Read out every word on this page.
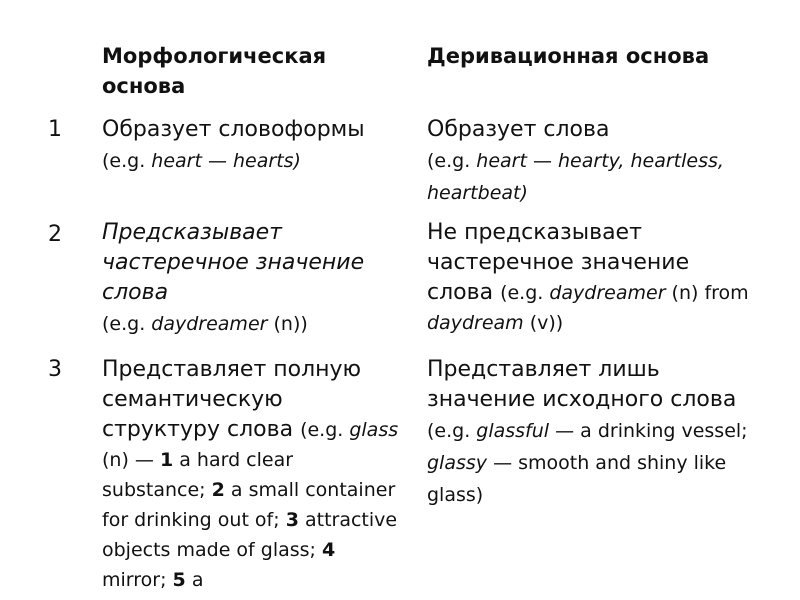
Морфологическая основа
Деривационная основа
1 Образует словоформы
(e.g. heart — hearts)
Образует слова
(e.g. heart — hearty, heartless, heartbeat)
2 Предсказывает частеречное значение слова
(e.g. daydreamer (n))
Не предсказывает частеречное значение слова (e.g. daydreamer (n) from daydream (v))
3 Представляет полную семантическую структуру слова (e.g. glass (n) — 1 a hard clear substance; 2 a small container for drinking out of; 3 attractive objects made of glass; 4 mirror; 5 a
Представляет лишь значение исходного слова
(e.g. glassful — a drinking vessel;
glassy — smooth and shiny like glass)
